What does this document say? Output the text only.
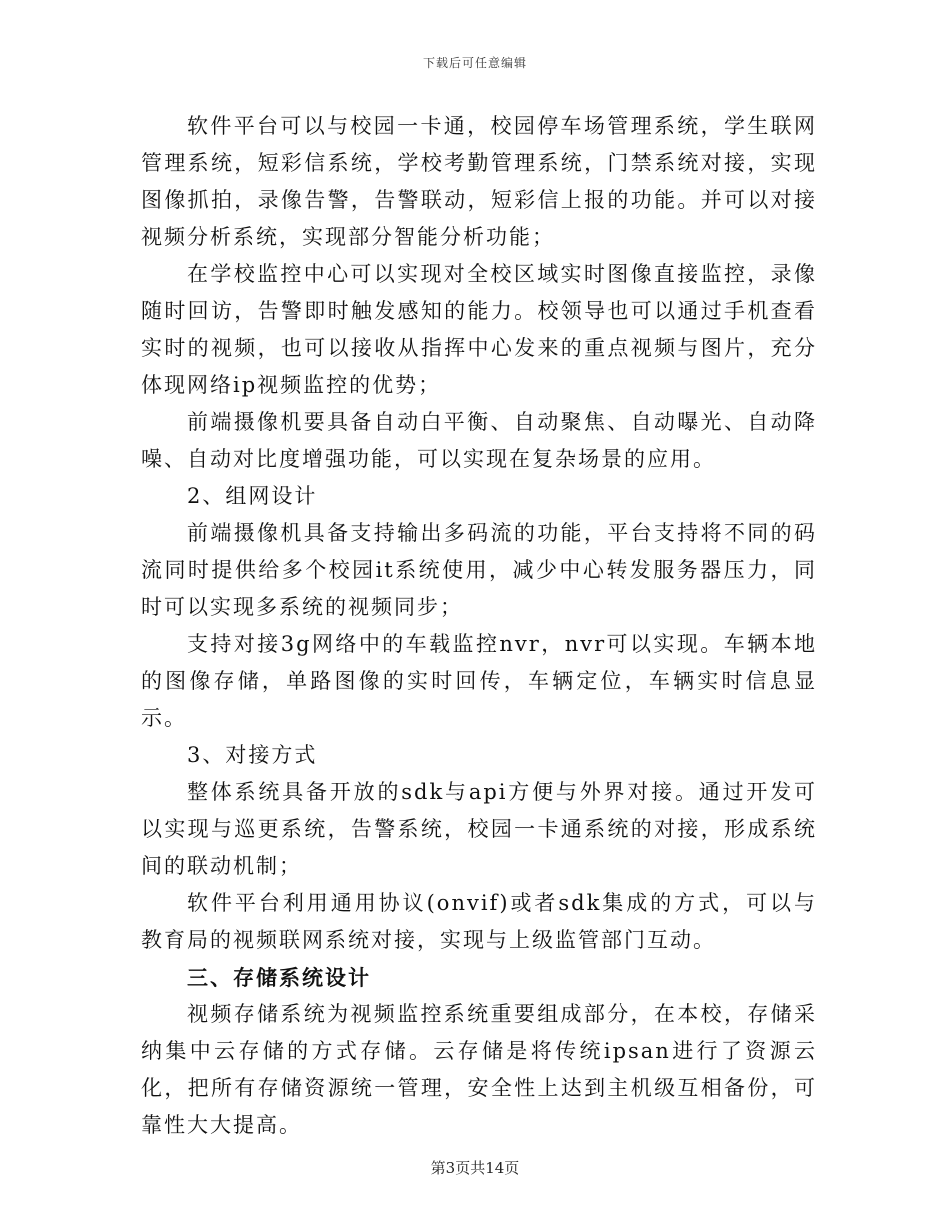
下载后可任意编辑

软件平台可以与校园一卡通，校园停车场管理系统，学生联网管理系统，短彩信系统，学校考勤管理系统，门禁系统对接，实现图像抓拍，录像告警，告警联动，短彩信上报的功能。并可以对接视频分析系统，实现部分智能分析功能；

在学校监控中心可以实现对全校区域实时图像直接监控，录像随时回访，告警即时触发感知的能力。校领导也可以通过手机查看实时的视频，也可以接收从指挥中心发来的重点视频与图片，充分体现网络ip视频监控的优势；

前端摄像机要具备自动白平衡、自动聚焦、自动曝光、自动降噪、自动对比度增强功能，可以实现在复杂场景的应用。

2、组网设计

前端摄像机具备支持输出多码流的功能，平台支持将不同的码流同时提供给多个校园it系统使用，减少中心转发服务器压力，同时可以实现多系统的视频同步；

支持对接3g网络中的车载监控nvr，nvr可以实现。车辆本地的图像存储，单路图像的实时回传，车辆定位，车辆实时信息显示。

3、对接方式

整体系统具备开放的sdk与api方便与外界对接。通过开发可以实现与巡更系统，告警系统，校园一卡通系统的对接，形成系统间的联动机制；

软件平台利用通用协议(onvif)或者sdk集成的方式，可以与教育局的视频联网系统对接，实现与上级监管部门互动。

三、存储系统设计

视频存储系统为视频监控系统重要组成部分，在本校，存储采纳集中云存储的方式存储。云存储是将传统ipsan进行了资源云化，把所有存储资源统一管理，安全性上达到主机级互相备份，可靠性大大提高。

第3页共14页
